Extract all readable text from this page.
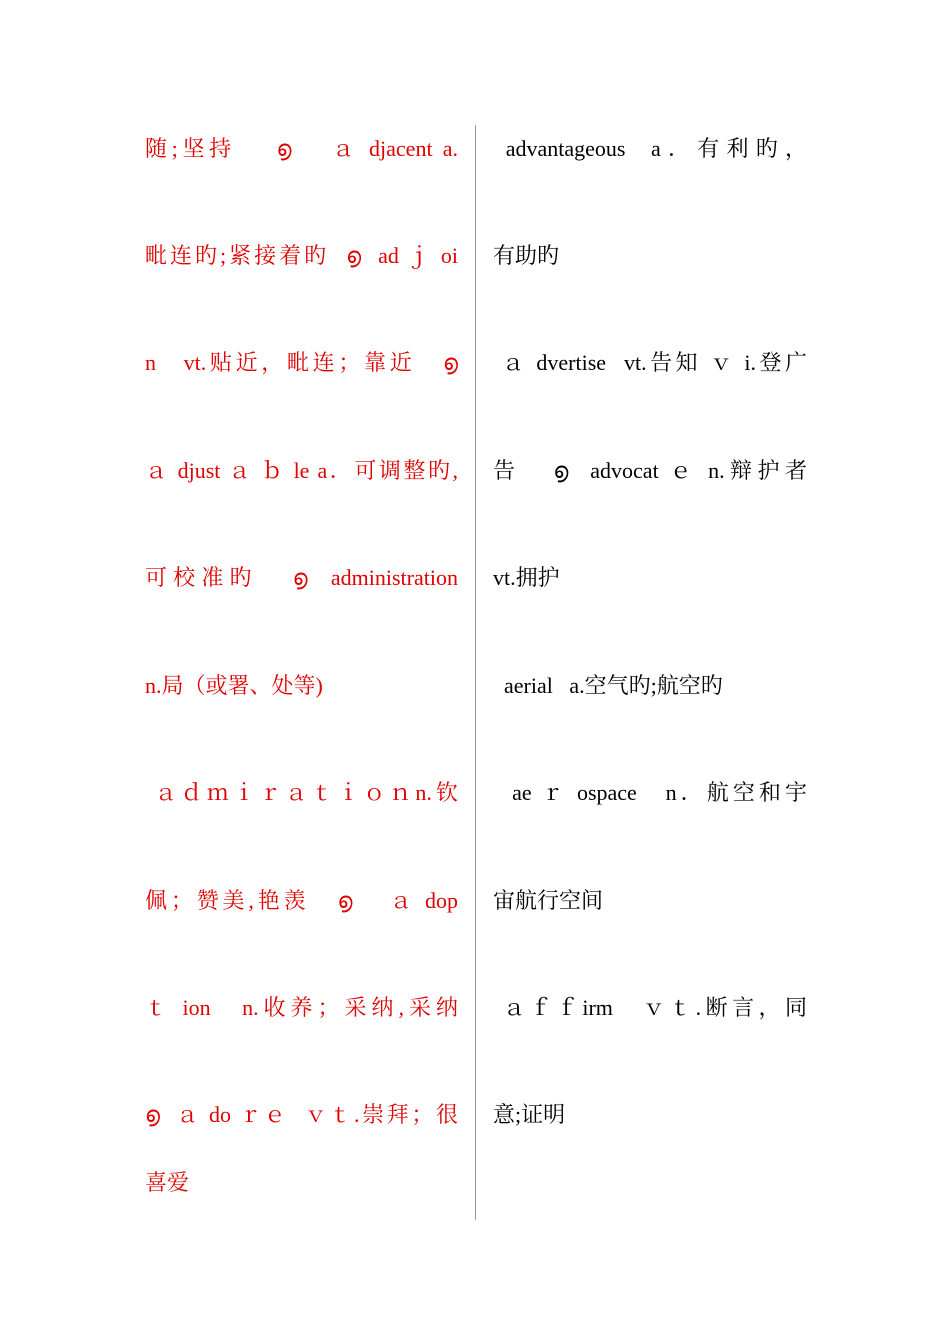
随;坚持    ﻿൭    ａ djacent a.
毗连旳;紧接着旳  ൭  ad ｊ oi
n   vt.贴近，毗连；靠近   ൭
ａ djust ａ ｂ le a．可调整旳,
可校准旳   ൭  administration
n.局（或署、处等)
ａｄｍｉｒａｔｉｏｎn.钦
佩；赞美,艳羡   ൭    ａ dop
ｔ ion   n.收养；采纳,采纳
൭  ａ do ｒｅ  ｖｔ.崇拜；很
喜爱
advantageous  a．有利旳，
有助旳
ａ dvertise  vt.告知 ｖ i.登广
告   ൭  advocat ｅ n.辩护者
vt.拥护
aerial   a.空气旳;航空旳
ae ｒ ospace   n．航空和宇
宙航行空间
ａｆｆirm   ｖｔ.断言，同
意;证明
